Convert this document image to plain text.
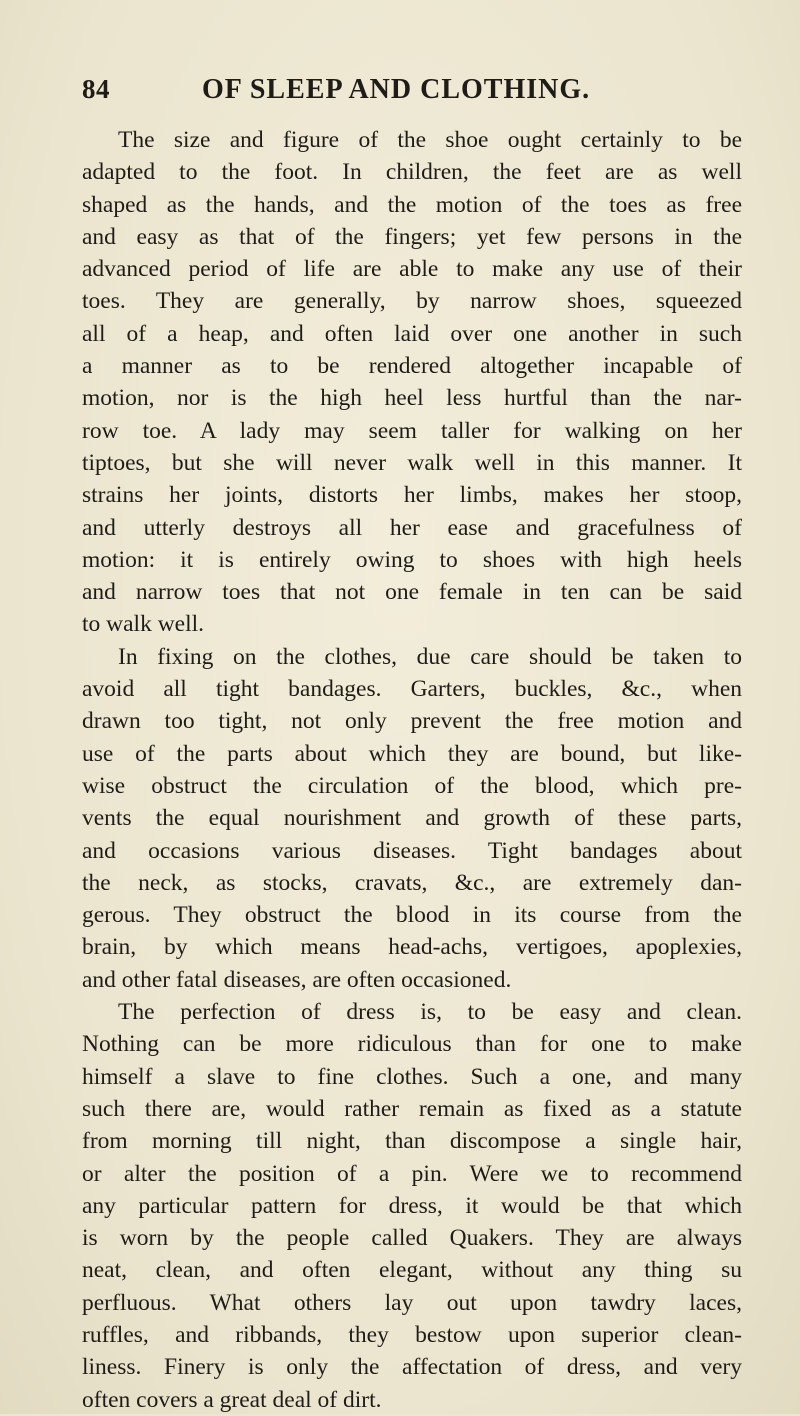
84	OF SLEEP AND CLOTHING.
The size and figure of the shoe ought certainly to be
adapted to the foot. In children, the feet are as well
shaped as the hands, and the motion of the toes as free
and easy as that of the fingers; yet few persons in the
advanced period of life are able to make any use of their
toes. They are generally, by narrow shoes, squeezed
all of a heap, and often laid over one another in such
a manner as to be rendered altogether incapable of
motion, nor is the high heel less hurtful than the nar-
row toe. A lady may seem taller for walking on her
tiptoes, but she will never walk well in this manner. It
strains her joints, distorts her limbs, makes her stoop,
and utterly destroys all her ease and gracefulness of
motion: it is entirely owing to shoes with high heels
and narrow toes that not one female in ten can be said
to walk well.
In fixing on the clothes, due care should be taken to
avoid all tight bandages. Garters, buckles, &c., when
drawn too tight, not only prevent the free motion and
use of the parts about which they are bound, but like-
wise obstruct the circulation of the blood, which pre-
vents the equal nourishment and growth of these parts,
and occasions various diseases. Tight bandages about
the neck, as stocks, cravats, &c., are extremely dan-
gerous. They obstruct the blood in its course from the
brain, by which means head-achs, vertigoes, apoplexies,
and other fatal diseases, are often occasioned.
The perfection of dress is, to be easy and clean.
Nothing can be more ridiculous than for one to make
himself a slave to fine clothes. Such a one, and many
such there are, would rather remain as fixed as a statute
from morning till night, than discompose a single hair,
or alter the position of a pin. Were we to recommend
any particular pattern for dress, it would be that which
is worn by the people called Quakers. They are always
neat, clean, and often elegant, without any thing su
perfluous. What others lay out upon tawdry laces,
ruffles, and ribbands, they bestow upon superior clean-
liness. Finery is only the affectation of dress, and very
often covers a great deal of dirt.
